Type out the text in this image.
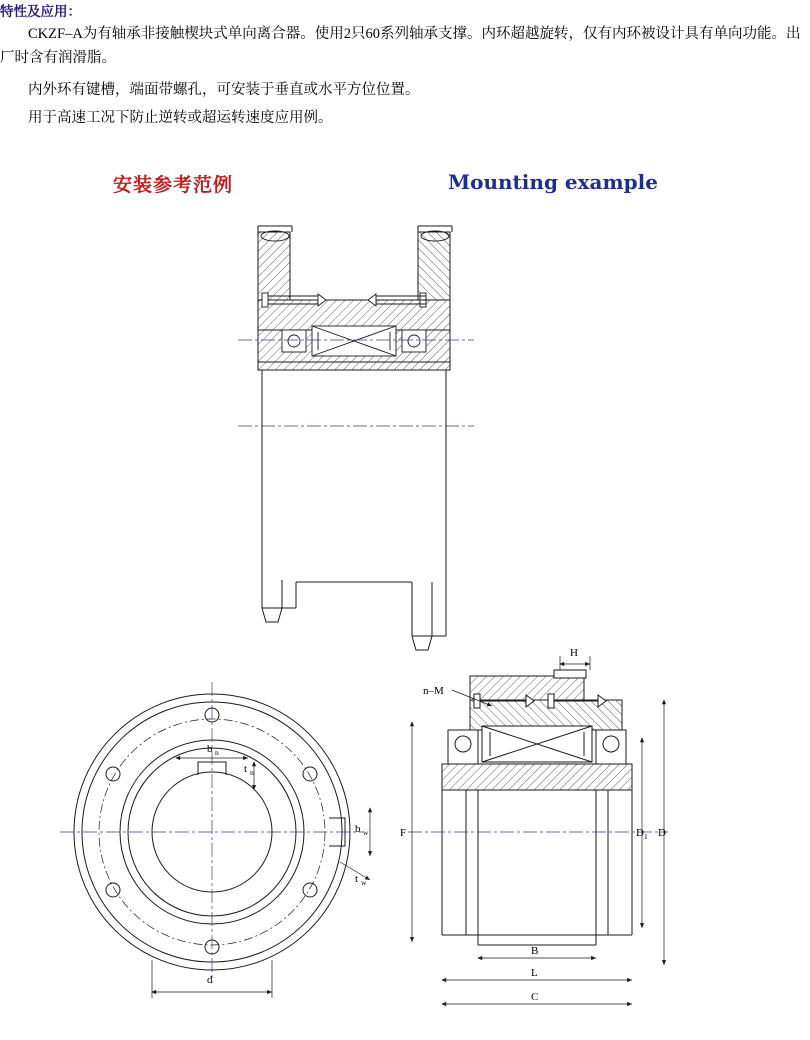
特性及应用：
CKZF–A为有轴承非接触楔块式单向离合器。使用2只60系列轴承支撑。内环超越旋转，仅有内环被设计具有单向功能。出厂时含有润滑脂。
内外环有键槽，端面带螺孔，可安装于垂直或水平方位位置。
用于高速工况下防止逆转或超运转速度应用例。
安装参考范例	Mounting example
b n
t n
b w
t w
d
n–M
H
F	D 1 D
B
L
C
